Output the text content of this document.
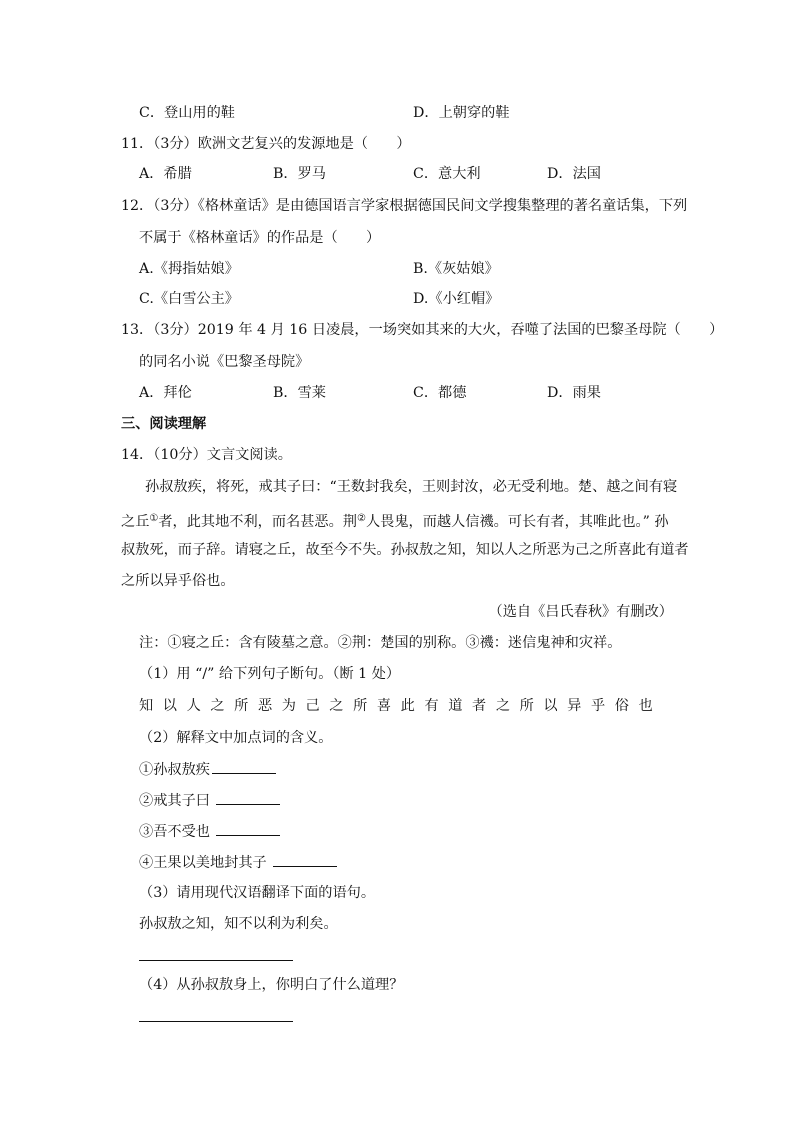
C．登山用的鞋	D．上朝穿的鞋
11．（3分）欧洲文艺复兴的发源地是（　　）
A．希腊	B．罗马	C．意大利	D．法国
12．（3分）《格林童话》是由德国语言学家根据德国民间文学搜集整理的著名童话集，下列
不属于《格林童话》的作品是（　　）
A.《拇指姑娘》	B.《灰姑娘》
C.《白雪公主》	D.《小红帽》
13．（3分）2019 年 4 月 16 日凌晨，一场突如其来的大火，吞噬了法国的巴黎圣母院（　　）
的同名小说《巴黎圣母院》
A．拜伦	B．雪莱	C．都德	D．雨果
三、阅读理解
14．（10分）文言文阅读。
孙叔敖疾，将死，戒其子曰：“王数封我矣，王则封汝，必无受利地。楚、越之间有寝
之丘①者，此其地不利，而名甚恶。荆②人畏鬼，而越人信禨。可长有者，其唯此也。” 孙
叔敖死，而子辞。请寝之丘，故至今不失。孙叔敖之知，知以人之所恶为己之所喜此有道者
之所以异乎俗也。
（选自《吕氏春秋》有删改）
注：①寝之丘：含有陵墓之意。②荆：楚国的别称。③禨：迷信鬼神和灾祥。
（1）用 “/” 给下列句子断句。（断 1 处）
知以人之所恶为己之所喜此有道者之所以异乎俗也
（2）解释文中加点词的含义。
①孙叔敖疾
②戒其子曰
③吾不受也
④王果以美地封其子
（3）请用现代汉语翻译下面的语句。
孙叔敖之知，知不以利为利矣。
（4）从孙叔敖身上，你明白了什么道理？
